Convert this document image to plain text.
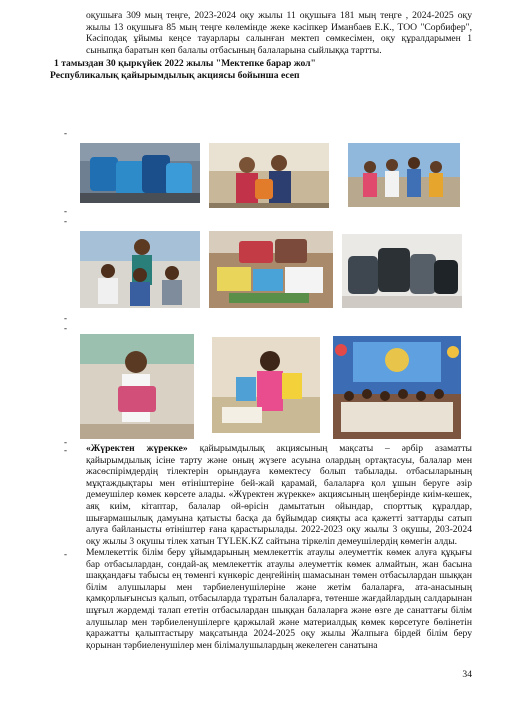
оқушыға 309 мың теңге, 2023-2024 оқу жылы 11 оқушыға 181 мың теңге , 2024-2025 оқу жылы 13 оқушыға 85 мың теңге көлемінде жеке кәсіпкер Иманбаев Е.К., ТОО "Сорбифер", Кәсіподақ ұйымы кеңсе тауарлары салынған мектеп сөмкесімен, оқу құралдарымен 1 сыныпқа баратын көп балалы отбасының балаларына сыйлыққа тартты.

1 тамыздан 30 қыркүйек 2022 жылы "Мектепке барар жол" Республикалық қайырымдылық акциясы бойынша есеп

-
-
-
-
-
-
- «Жүректен жүрекке» қайырымдылық акциясының мақсаты – әрбір азаматты қайырымдылық ісіне тарту және оның жүзеге асуына олардың ортақтасуы, балалар мен жасөспірімдердің тілектерін орындауға көмектесу болып табылады. отбасыларының мұқтаждықтары мен өтініштеріне бей-жай қарамай, балаларға қол ұшын беруге әзір демеушілер көмек көрсете алады. «Жүректен жүрекке» акциясының шеңберінде киім-кешек, аяқ киім, кітаптар, балалар ой-өрісін дамытатын ойындар, спорттық құралдар, шығармашылық дамуына қатысты басқа да бұйымдар сияқты аса қажетті заттарды сатып алуға байланысты өтініштер ғана қарастырылады. 2022-2023 оқу жылы 3 оқушы, 203-2024 оқу жылы 3 оқушы тілек хатын TYLEK.KZ сайтына тіркеліп демеушілердің көмегін алды.

- Мемлекеттік білім беру ұйымдарының мемлекеттік атаулы әлеуметтік көмек алуға құқығы бар отбасылардан, сондай-ақ мемлекеттік атаулы әлеуметтік көмек алмайтын, жан басына шаққандағы табысы ең төменгі күнкөріс деңгейінің шамасынан төмен отбасылардан шыққан білім алушылары мен тәрбиеленушілеріне және жетім балаларға, ата-анасының қамқорлығынсыз қалып, отбасыларда тұратын балаларға, төтенше жағдайлардың салдарынан шұғыл жәрдемді талап ететін отбасылардан шыққан балаларға және өзге де санаттағы білім алушылар мен тәрбиеленушілерге қаржылай және материалдық көмек көрсетуге бөлінетін қаражатты қалыптастыру мақсатында 2024-2025 оқу жылы Жалпыға бірдей білім беру қорынан тәрбиеленушілер мен білімалушылардың жекелеген санатына

34
